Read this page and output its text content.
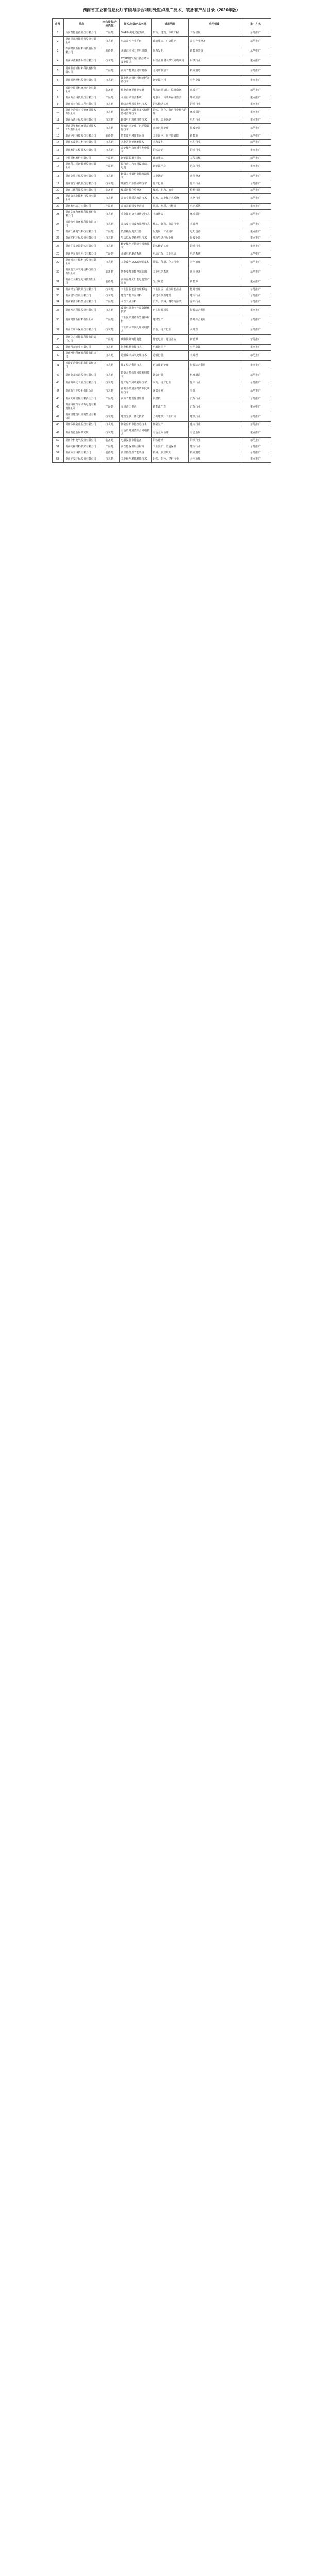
湖南省工业和信息化厅节能与综合利用处重点推广技术、装备和产品目录（2020年版）
序号	单位	技术/装备/产品类型	技术/装备/产品名称	适用范围	应用领域	推广方式
1	山河智能装备股份有限公司	产品类	SWE系列电动挖掘机	矿山、建筑、市政工程	工程机械	示范推广
2	湖南星邦智能装备股份有限公司	技术类	电动高空作业平台	建筑施工、厂房维护	高空作业设备	示范推广
3	株洲时代新材料科技股份有限公司	装备类	永磁直驱风力发电机组	风力发电	新能源装备	示范推广
4	湖南华菱湘潭钢铁有限公司	技术类	CCPP燃气蒸汽联合循环发电技术	钢铁企业富余煤气回收利用	钢铁行业	重点推广
5	湖南泰嘉新材料科技股份有限公司	产品类	高效节能双金属带锯条	金属切削加工	机械制造	示范推广
6	湖南长远锂科股份有限公司	技术类	锂电池正极材料低能耗制备技术	新能源材料	有色金属	重点推广
7	长沙中联重科环境产业有限公司	装备类	纯电动环卫作业车辆	城市道路清扫、垃圾收运	市政环卫	示范推广
8	湖南力合科技股份有限公司	产品类	水质自动监测系统	地表水、污染源在线监测	环境监测	重点推广
9	湖南长天自控工程有限公司	技术类	烧结余热回收发电技术	钢铁烧结工序	钢铁行业	重点推广
10	湖南中冶长天节能环保技术有限公司	技术类	烧结烟气活性炭多污染物协同治理技术	钢铁、焦化、有色行业烟气治理	环境保护	重点推广
11	湖南永清环保股份有限公司	技术类	燃煤电厂超低排放技术	火电、工业锅炉	电力行业	重点推广
12	湖南景翌湘台环保高新技术开发有限公司	技术类	城镇污水处理厂污泥资源化技术	市政污泥处理	固废处置	示范推广
13	湖南华自科技股份有限公司	装备类	智能微电网储能系统	工业园区、用户侧储能	新能源	示范推广
14	湖南五凌电力科技有限公司	技术类	水电站智能运维技术	水力发电	电力行业	示范推广
15	湖南湘钢工程技术有限公司	技术类	高炉煤气余压透平发电技术	钢铁高炉	钢铁行业	重点推广
16	中联重科股份有限公司	产品类	新能源混凝土泵车	建筑施工	工程机械	示范推广
17	湖南科力远新能源股份有限公司	产品类	混合动力汽车用镍氢动力电池	新能源汽车	汽车行业	重点推广
18	湖南金旅环保股份有限公司	技术类	燃煤工业锅炉节能改造技术	工业锅炉	通用设备	示范推广
19	湖南恒光科技股份有限公司	技术类	硫酸生产余热回收技术	化工行业	化工行业	示范推广
20	湖南三德科技股份有限公司	装备类	煤质智能化验设备	煤炭、电力、冶金	检测仪器	示范推广
21	湖南山水节能科技股份有限公司	技术类	高效节能泵站改造技术	供水、工业循环水系统	水务行业	示范推广
22	湖南湘电动力有限公司	产品类	高效永磁同步电动机	风机、水泵、压缩机	电机系统	重点推广
23	湖南艾布鲁环保科技股份有限公司	技术类	重金属污染土壤修复技术	土壤修复	环境保护	示范推广
24	长沙市中蓝环保科技有限公司	技术类	高浓度有机废水处理技术	化工、制药、食品行业	水处理	示范推广
25	湖南沃森电气科技有限公司	产品类	低损耗配电变压器	配电网、工业用户	电力设备	重点推广
26	湖南军信环保股份有限公司	技术类	生活垃圾焚烧发电技术	城市生活垃圾处理	固废处置	重点推广
27	湖南华菱涟源钢铁有限公司	技术类	转炉煤气干法除尘回收技术	钢铁转炉工序	钢铁行业	重点推广
28	湖南中车尚驱电气有限公司	产品类	永磁电机驱动系统	电动汽车、工业驱动	电机系统	示范推广
29	湖南凯天环保科技股份有限公司	技术类	工业废气VOCs治理技术	涂装、印刷、化工行业	大气治理	示范推广
30	湖南航天环宇通信科技股份有限公司	装备类	智能变频节能控制装置	工业电机系统	通用设备	示范推广
31	湖南红太阳光电科技有限公司	装备类	高效晶硅太阳能电池生产装备	光伏制造	新能源	重点推广
32	湖南兴元科技股份有限公司	技术类	工业园区能源管理系统	工业园区、重点用能企业	能源管理	示范推广
33	湖南国发控股有限公司	技术类	建筑节能保温材料	新建及既有建筑	建材行业	示范推广
34	湖南湘江涂料集团有限公司	产品类	水性工业涂料	汽车、机械、钢结构涂装	涂料行业	示范推广
35	湖南万容科技股份有限公司	技术类	废旧电器电子产品资源化技术	再生资源回收	资源综合利用	重点推广
36	湖南鸿象新材料有限公司	产品类	工业固废制备新型墙体材料	建材生产	资源综合利用	示范推广
37	湖南正明环保股份有限公司	技术类	工业废水深度处理回用技术	冶金、化工行业	水处理	示范推广
38	湖南立方新能源科技有限责任公司	产品类	磷酸铁锂储能电池	储能电站、通信基站	新能源	示范推广
39	湖南创元铝业有限公司	技术类	铝电解槽节能技术	电解铝生产	有色金属	重点推广
40	湖南博世科环保科技有限公司	技术类	造纸废水厌氧处理技术	造纸行业	水处理	示范推广
41	长沙矿冶研究院有限责任公司	技术类	尾矿综合利用技术	矿山尾矿处理	资源综合利用	重点推广
42	湖南金龙铸造股份有限公司	技术类	铸造余热余压回收利用技术	铸造行业	机械制造	示范推广
43	湖南海利化工股份有限公司	技术类	化工尾气回收利用技术	农药、化工行业	化工行业	示范推广
44	湖南新五丰股份有限公司	技术类	畜禽养殖废弃物资源化利用技术	畜禽养殖	农业	示范推广
45	湖南天雁机械有限责任公司	产品类	高效节能涡轮增压器	内燃机	汽车行业	示范推广
46	湖南科霸汽车动力电池有限责任公司	产品类	车用动力电池	新能源汽车	汽车行业	重点推广
47	湖南省建筑设计院集团有限公司	技术类	建筑光伏一体化技术	公共建筑、工业厂房	建筑行业	示范推广
48	湖南华联瓷业股份有限公司	技术类	陶瓷窑炉节能改造技术	陶瓷生产	建材行业	示范推广
49	湖南有色金属研究院	技术类	有色冶炼废渣综合回收技术	有色金属冶炼	有色金属	重点推广
50	湖南中科电气股份有限公司	装备类	电磁搅拌节能装备	钢铁连铸	钢铁行业	示范推广
51	湖南屹林材料技术有限公司	产品类	高性能保温隔热材料	工业窑炉、管道保温	建材行业	示范推广
52	湖南顶立科技有限公司	装备类	真空热处理节能装备	机械、航空航天	机械制造	示范推广
53	湖南平安环保股份有限公司	技术类	工业烟气脱硫脱硝技术	钢铁、有色、建材行业	大气治理	重点推广
